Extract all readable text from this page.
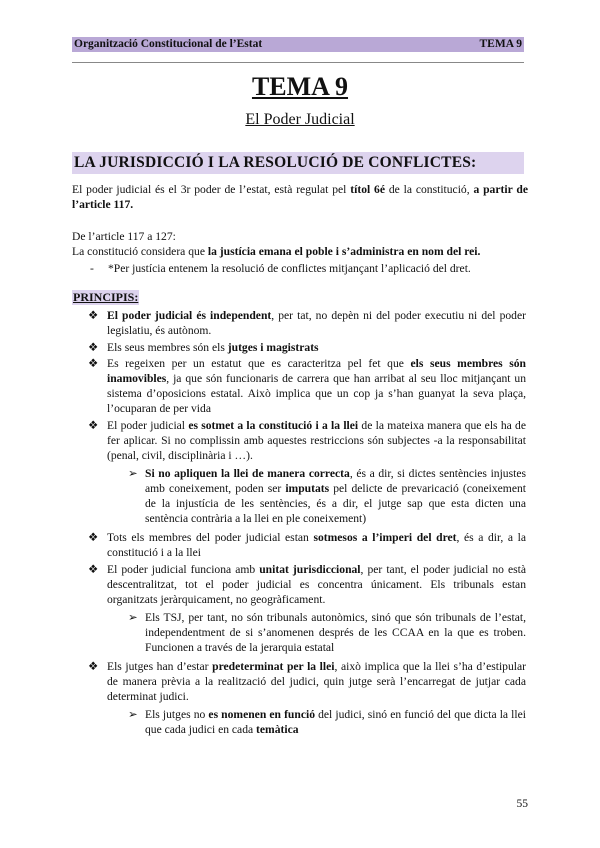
Organització Constitucional de l’Estat	TEMA 9
TEMA 9
El Poder Judicial
LA JURISDICCIÓ I LA RESOLUCIÓ DE CONFLICTES:
El poder judicial és el 3r poder de l’estat, està regulat pel títol 6é de la constitució, a partir de l’article 117.
De l’article 117 a 127:
La constitució considera que la justícia emana el poble i s’administra en nom del rei.
- *Per justícia entenem la resolució de conflictes mitjançant l’aplicació del dret.
PRINCIPIS:
❖ El poder judicial és independent, per tat, no depèn ni del poder executiu ni del poder legislatiu, és autònom.
❖ Els seus membres són els jutges i magistrats
❖ Es regeixen per un estatut que es caracteritza pel fet que els seus membres són inamovibles, ja que són funcionaris de carrera que han arribat al seu lloc mitjançant un sistema d’oposicions estatal. Això implica que un cop ja s’han guanyat la seva plaça, l’ocuparan de per vida
❖ El poder judicial es sotmet a la constitució i a la llei de la mateixa manera que els ha de fer aplicar. Si no complissin amb aquestes restriccions són subjectes -a la responsabilitat (penal, civil, disciplinària i …).
➢ Si no apliquen la llei de manera correcta, és a dir, si dictes sentències injustes amb coneixement, poden ser imputats pel delicte de prevaricació (coneixement de la injustícia de les sentències, és a dir, el jutge sap que esta dicten una sentència contrària a la llei en ple coneixement)
❖ Tots els membres del poder judicial estan sotmesos a l’imperi del dret, és a dir, a la constitució i a la llei
❖ El poder judicial funciona amb unitat jurisdiccional, per tant, el poder judicial no està descentralitzat, tot el poder judicial es concentra únicament. Els tribunals estan organitzats jeràrquicament, no geogràficament.
➢ Els TSJ, per tant, no són tribunals autonòmics, sinó que són tribunals de l’estat, independentment de si s’anomenen després de les CCAA en la que es troben. Funcionen a través de la jerarquia estatal
❖ Els jutges han d’estar predeterminat per la llei, això implica que la llei s’ha d’estipular de manera prèvia a la realització del judici, quin jutge serà l’encarregat de jutjar cada determinat judici.
➢ Els jutges no es nomenen en funció del judici, sinó en funció del que dicta la llei que cada judici en cada temàtica
55
